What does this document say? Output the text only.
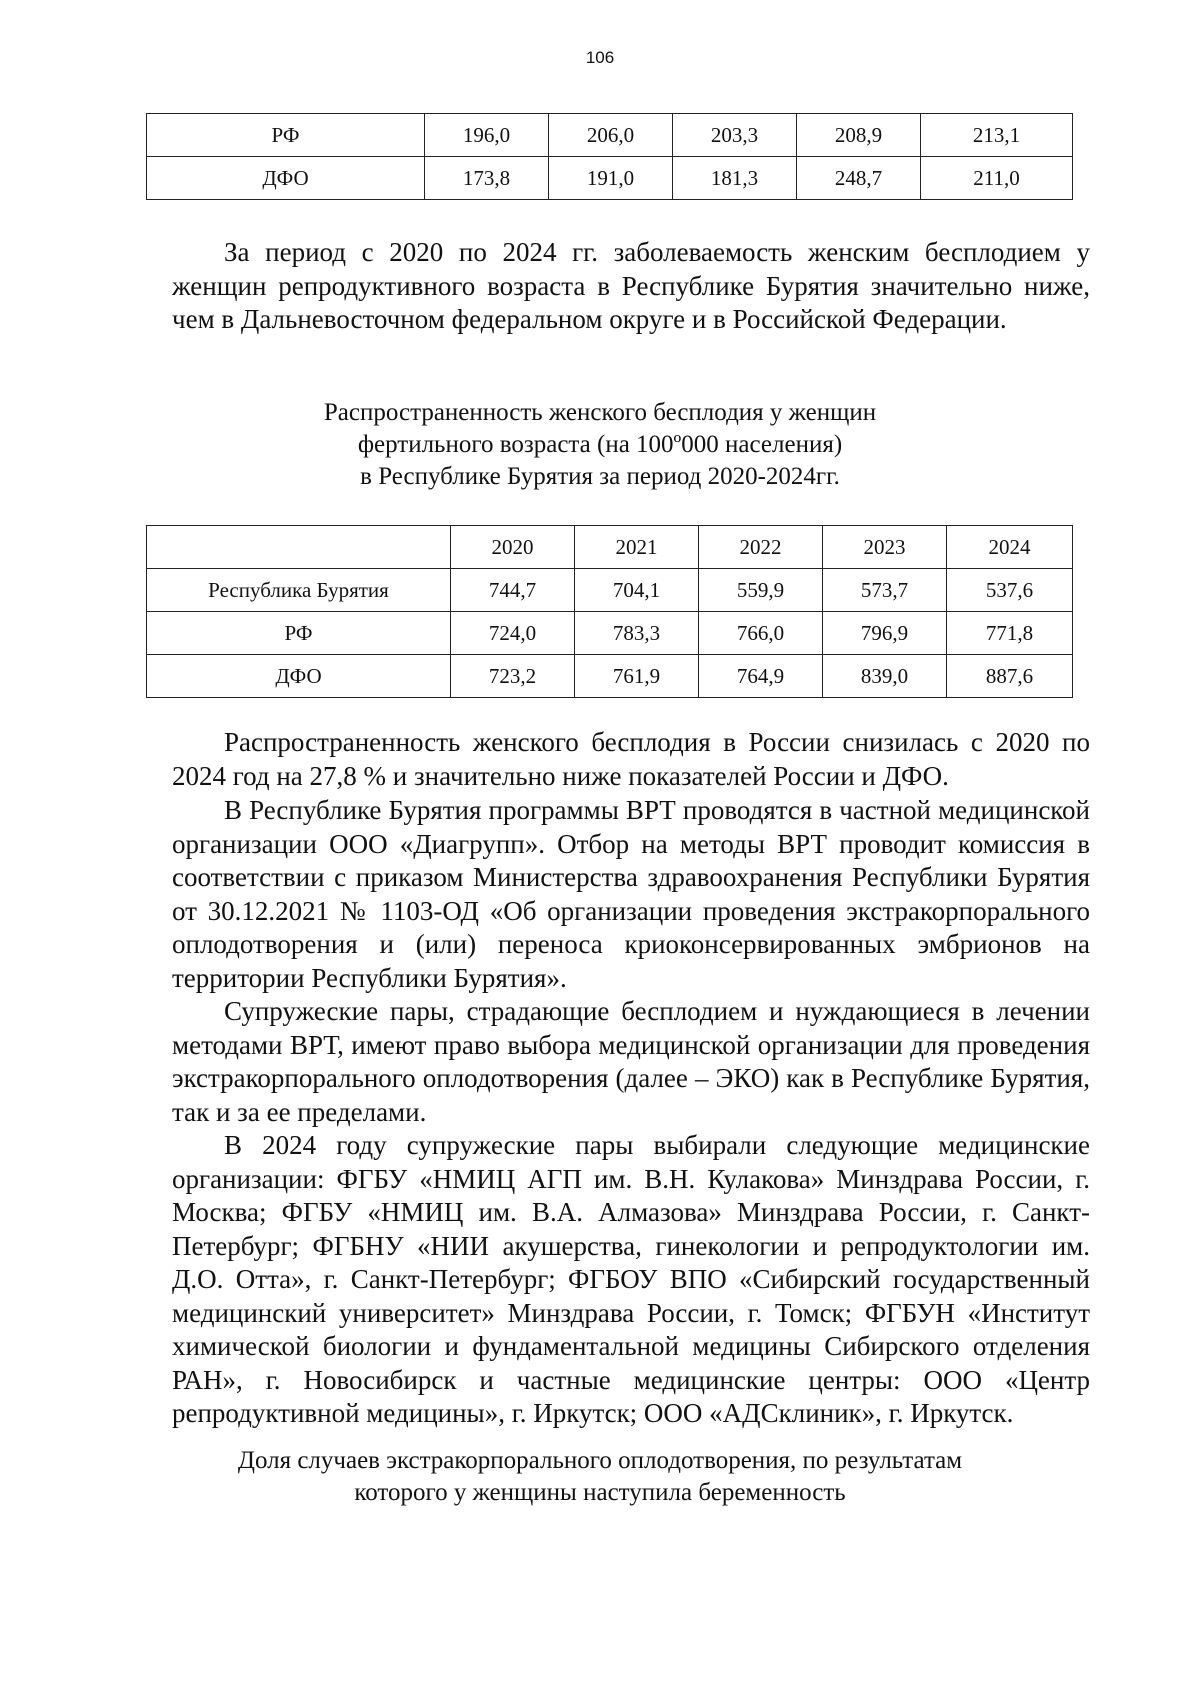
106
РФ	196,0	206,0	203,3	208,9	213,1
ДФО	173,8	191,0	181,3	248,7	211,0

За период с 2020 по 2024 гг. заболеваемость женским бесплодием у женщин репродуктивного возраста в Республике Бурятия значительно ниже, чем в Дальневосточном федеральном округе и в Российской Федерации.

Распространенность женского бесплодия у женщин
фертильного возраста (на 100º000 населения)
в Республике Бурятия за период 2020-2024гг.
	2020	2021	2022	2023	2024
Республика Бурятия	744,7	704,1	559,9	573,7	537,6
РФ	724,0	783,3	766,0	796,9	771,8
ДФО	723,2	761,9	764,9	839,0	887,6

Распространенность женского бесплодия в России снизилась с 2020 по 2024 год на 27,8 % и значительно ниже показателей России и ДФО.

В Республике Бурятия программы ВРТ проводятся в частной медицинской организации ООО «Диагрупп». Отбор на методы ВРТ проводит комиссия в соответствии с приказом Министерства здравоохранения Республики Бурятия от 30.12.2021 № 1103-ОД «Об организации проведения экстракорпорального оплодотворения и (или) переноса криоконсервированных эмбрионов на территории Республики Бурятия».

Супружеские пары, страдающие бесплодием и нуждающиеся в лечении методами ВРТ, имеют право выбора медицинской организации для проведения экстракорпорального оплодотворения (далее – ЭКО) как в Республике Бурятия, так и за ее пределами.

В 2024 году супружеские пары выбирали следующие медицинские организации: ФГБУ «НМИЦ АГП им. В.Н. Кулакова» Минздрава России, г. Москва; ФГБУ «НМИЦ им. В.А. Алмазова» Минздрава России, г. Санкт-Петербург; ФГБНУ «НИИ акушерства, гинекологии и репродуктологии им. Д.О. Отта», г. Санкт-Петербург; ФГБОУ ВПО «Сибирский государственный медицинский университет» Минздрава России, г. Томск; ФГБУН «Институт химической биологии и фундаментальной медицины Сибирского отделения РАН», г. Новосибирск и частные медицинские центры: ООО «Центр репродуктивной медицины», г. Иркутск; ООО «АДСклиник», г. Иркутск.

Доля случаев экстракорпорального оплодотворения, по результатам
которого у женщины наступила беременность
